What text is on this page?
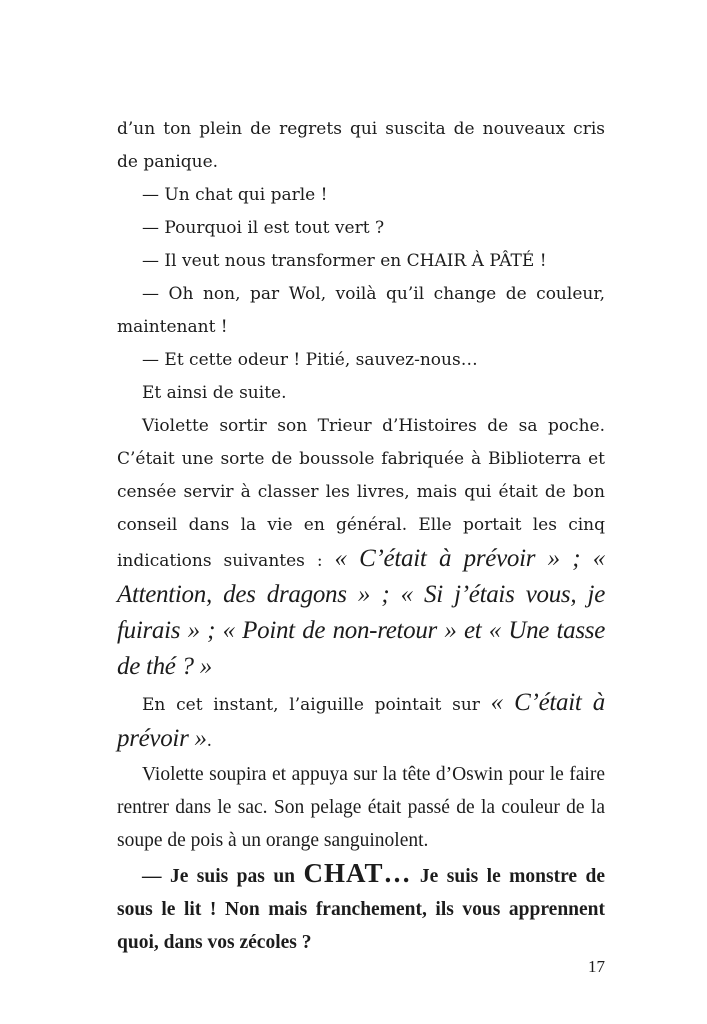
d’un ton plein de regrets qui suscita de nouveaux cris de panique.

— Un chat qui parle !

— Pourquoi il est tout vert ?

— Il veut nous transformer en CHAIR À PÂTÉ !

— Oh non, par Wol, voilà qu’il change de couleur, maintenant !

— Et cette odeur ! Pitié, sauvez-nous…

Et ainsi de suite.

Violette sortir son Trieur d’Histoires de sa poche. C’était une sorte de boussole fabriquée à Biblioterra et censée servir à classer les livres, mais qui était de bon conseil dans la vie en général. Elle portait les cinq indications suivantes : « C’était à prévoir » ; « Attention, des dragons » ; « Si j’étais vous, je fuirais » ; « Point de non-retour » et « Une tasse de thé ? »

En cet instant, l’aiguille pointait sur « C’était à prévoir ».

Violette soupira et appuya sur la tête d’Oswin pour le faire rentrer dans le sac. Son pelage était passé de la couleur de la soupe de pois à un orange sanguinolent.

— Je suis pas un CHAT… Je suis le monstre de sous le lit ! Non mais franchement, ils vous apprennent quoi, dans vos zécoles ?

17
